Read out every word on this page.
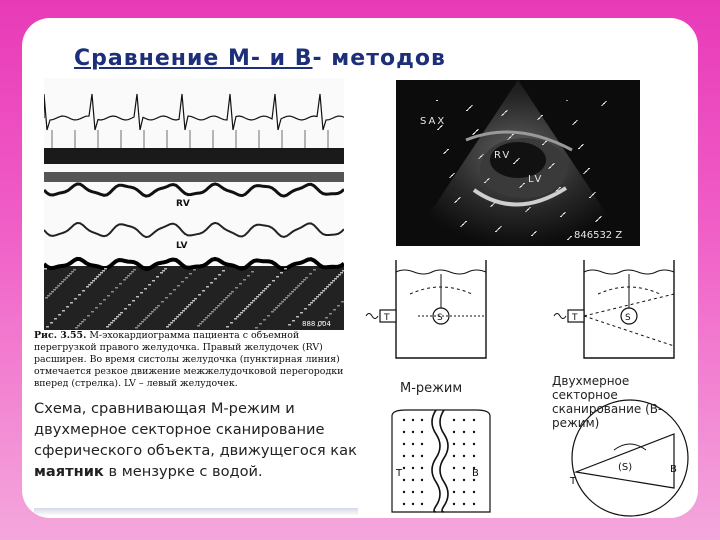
Сравнение М- и В- методов
RV
LV
888 004
Рис. 3.55. М-эхокардиограмма пациента с объемной перегрузкой правого желудочка. Правый желудочек (RV) расширен. Во время систолы желудочка (пунктирная линия) отмечается резкое движение межжелудочковой перегородки вперед (стрелка). LV – левый желудочек.
SAX
RV
LV
846532 Z
S
T	S
T
T	B
(S)
T
B
М-режим	Двухмерное секторное
сканирование (В-режим)
Схема, сравнивающая М-режим и двухмерное секторное сканирование сферического объекта, движущегося как маятник в мензурке с водой.
